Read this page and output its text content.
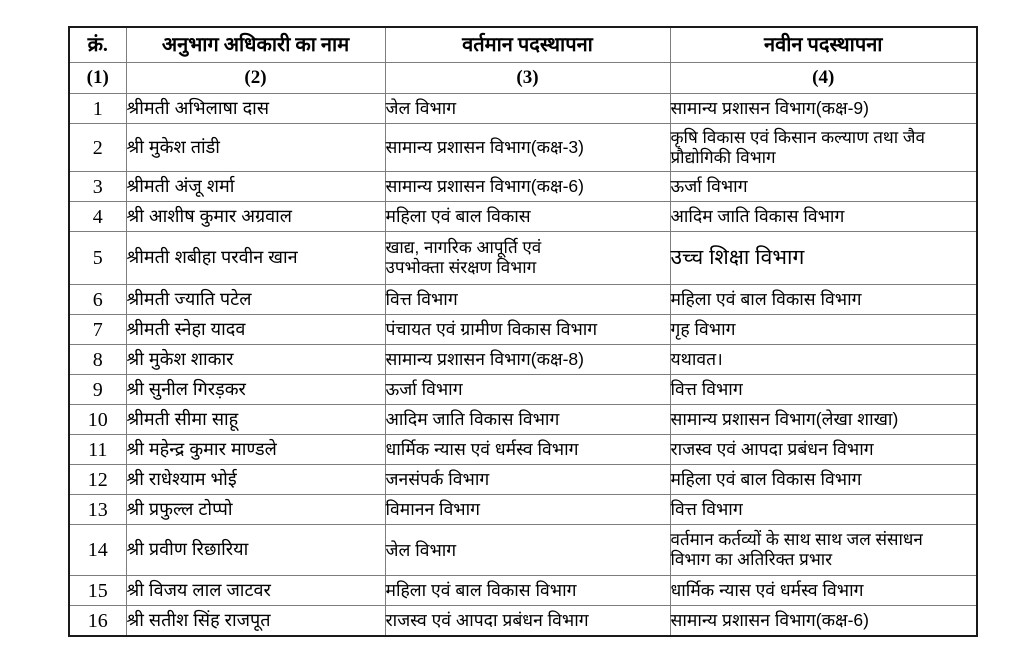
क्रं.	अनुभाग अधिकारी का नाम	वर्तमान पदस्थापना	नवीन पदस्थापना
(1)	(2)	(3)	(4)
1	श्रीमती अभिलाषा दास	जेल विभाग	सामान्य प्रशासन विभाग(कक्ष-9)
2	श्री मुकेश तांडी	सामान्य प्रशासन विभाग(कक्ष-3)	कृषि विकास एवं किसान कल्याण तथा जैव
प्रौद्योगिकी विभाग

3	श्रीमती अंजू शर्मा	सामान्य प्रशासन विभाग(कक्ष-6)	ऊर्जा विभाग
4	श्री आशीष कुमार अग्रवाल	महिला एवं बाल विकास	आदिम जाति विकास विभाग
5	श्रीमती शबीहा परवीन खान	खाद्य, नागरिक आपूर्ति एवं
उपभोक्ता संरक्षण विभाग	उच्च शिक्षा विभाग
6	श्रीमती ज्याति पटेल	वित्त विभाग	महिला एवं बाल विकास विभाग
7	श्रीमती स्नेहा यादव	पंचायत एवं ग्रामीण विकास विभाग	गृह विभाग
8	श्री मुकेश शाकार	सामान्य प्रशासन विभाग(कक्ष-8)	यथावत।
9	श्री सुनील गिरड़कर	ऊर्जा विभाग	वित्त विभाग
10	श्रीमती सीमा साहू	आदिम जाति विकास विभाग	सामान्य प्रशासन विभाग(लेखा शाखा)
11	श्री महेन्द्र कुमार माण्डले	धार्मिक न्यास एवं धर्मस्व विभाग	राजस्व एवं आपदा प्रबंधन विभाग
12	श्री राधेश्याम भोई	जनसंपर्क विभाग	महिला एवं बाल विकास विभाग
13	श्री प्रफुल्ल टोप्पो	विमानन विभाग	वित्त विभाग
14	श्री प्रवीण रिछारिया	जेल विभाग	वर्तमान कर्तव्यों के साथ साथ जल संसाधन
विभाग का अतिरिक्त प्रभार

15	श्री विजय लाल जाटवर	महिला एवं बाल विकास विभाग	धार्मिक न्यास एवं धर्मस्व विभाग
16	श्री सतीश सिंह राजपूत	राजस्व एवं आपदा प्रबंधन विभाग	सामान्य प्रशासन विभाग(कक्ष-6)
